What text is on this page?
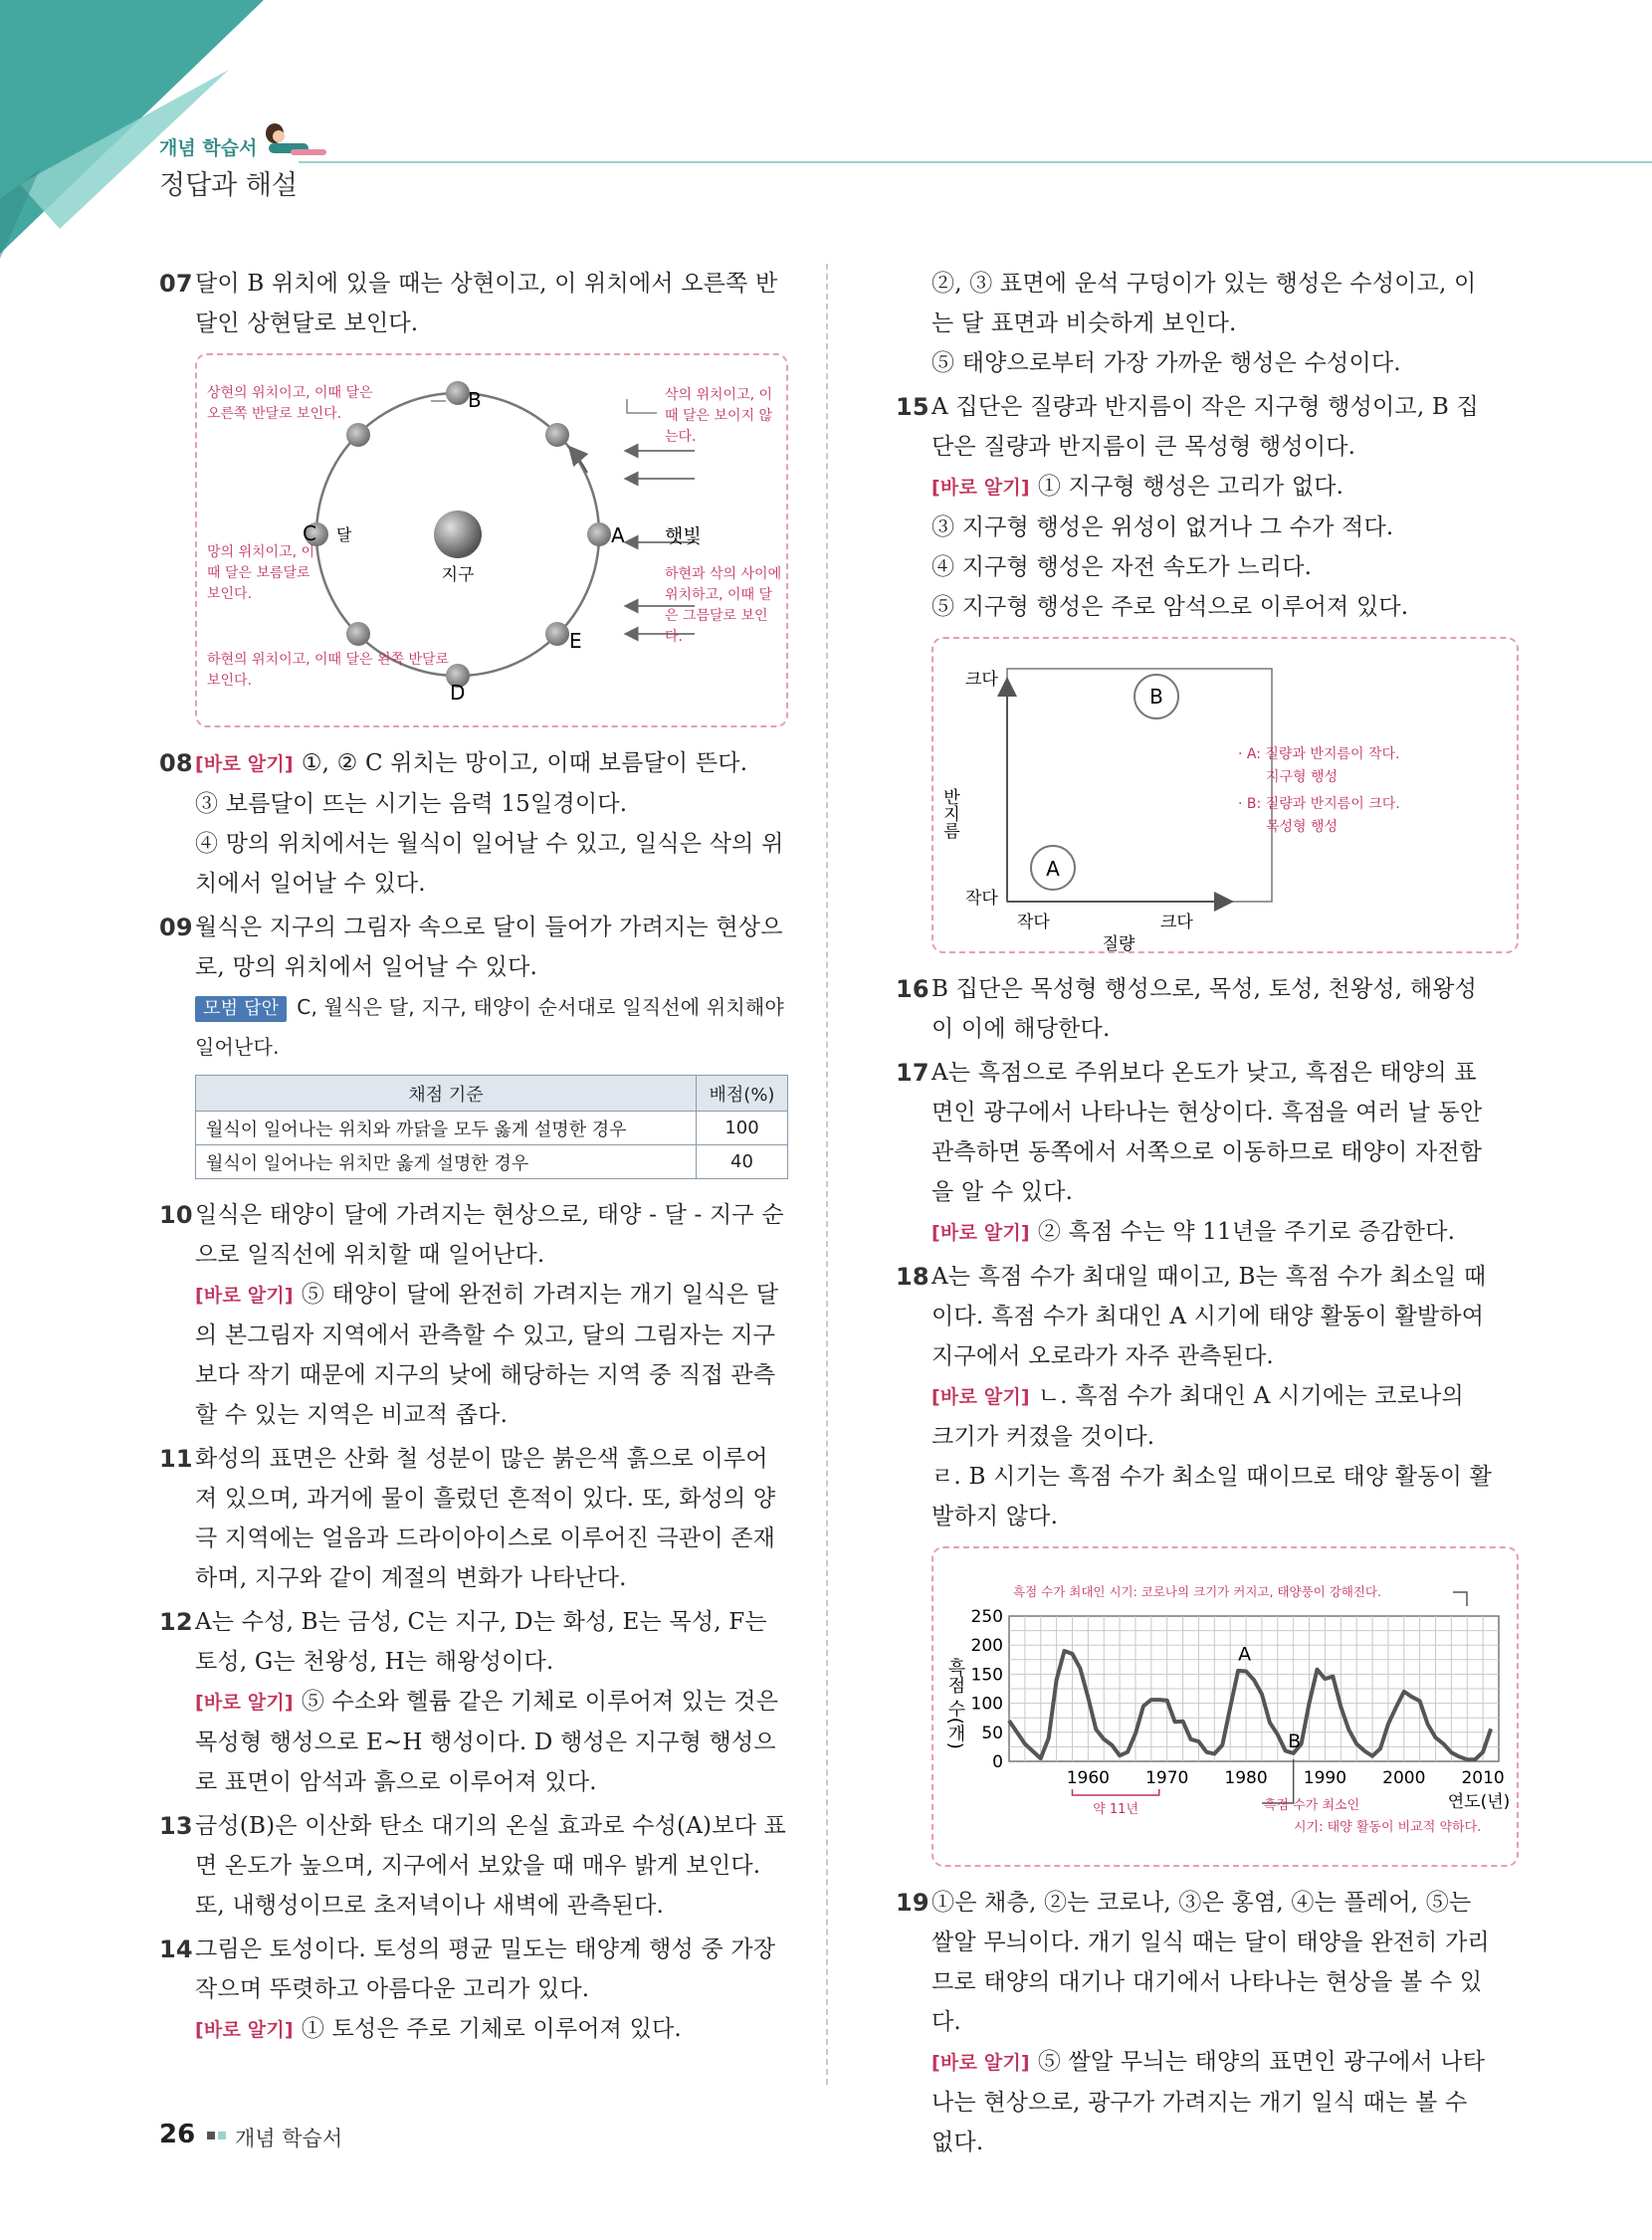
개념 학습서
정답과 해설
07 달이 B 위치에 있을 때는 상현이고, 이 위치에서 오른쪽 반달인 상현달로 보인다.
지구
B
C 달	A
E
D
햇빛
상현의 위치이고, 이때 달은 오른쪽 반달로 보인다.
망의 위치이고, 이때 달은 보름달로 보인다.
하현의 위치이고, 이때 달은 왼쪽 반달로 보인다.
삭의 위치이고, 이때 달은 보이지 않는다.
하현과 삭의 사이에 위치하고, 이때 달은 그믐달로 보인다.
08 [바로 알기] ①, ② C 위치는 망이고, 이때 보름달이 뜬다.
③ 보름달이 뜨는 시기는 음력 15일경이다.
④ 망의 위치에서는 월식이 일어날 수 있고, 일식은 삭의 위치에서 일어날 수 있다.
09 월식은 지구의 그림자 속으로 달이 들어가 가려지는 현상으로, 망의 위치에서 일어날 수 있다.
모범 답안 C, 월식은 달, 지구, 태양이 순서대로 일직선에 위치해야 일어난다.
채점 기준	배점(%)
월식이 일어나는 위치와 까닭을 모두 옳게 설명한 경우	100
월식이 일어나는 위치만 옳게 설명한 경우	40
10 일식은 태양이 달에 가려지는 현상으로, 태양 - 달 - 지구 순으로 일직선에 위치할 때 일어난다.
[바로 알기] ⑤ 태양이 달에 완전히 가려지는 개기 일식은 달의 본그림자 지역에서 관측할 수 있고, 달의 그림자는 지구보다 작기 때문에 지구의 낮에 해당하는 지역 중 직접 관측할 수 있는 지역은 비교적 좁다.
11 화성의 표면은 산화 철 성분이 많은 붉은색 흙으로 이루어져 있으며, 과거에 물이 흘렀던 흔적이 있다. 또, 화성의 양극 지역에는 얼음과 드라이아이스로 이루어진 극관이 존재하며, 지구와 같이 계절의 변화가 나타난다.
12 A는 수성, B는 금성, C는 지구, D는 화성, E는 목성, F는 토성, G는 천왕성, H는 해왕성이다.
[바로 알기] ⑤ 수소와 헬륨 같은 기체로 이루어져 있는 것은 목성형 행성으로 E~H 행성이다. D 행성은 지구형 행성으로 표면이 암석과 흙으로 이루어져 있다.
13 금성(B)은 이산화 탄소 대기의 온실 효과로 수성(A)보다 표면 온도가 높으며, 지구에서 보았을 때 매우 밝게 보인다. 또, 내행성이므로 초저녁이나 새벽에 관측된다.
14 그림은 토성이다. 토성의 평균 밀도는 태양계 행성 중 가장 작으며 뚜렷하고 아름다운 고리가 있다.
[바로 알기] ① 토성은 주로 기체로 이루어져 있다.
②, ③ 표면에 운석 구덩이가 있는 행성은 수성이고, 이는 달 표면과 비슷하게 보인다.
⑤ 태양으로부터 가장 가까운 행성은 수성이다.
15 A 집단은 질량과 반지름이 작은 지구형 행성이고, B 집단은 질량과 반지름이 큰 목성형 행성이다.
[바로 알기] ① 지구형 행성은 고리가 없다.
③ 지구형 행성은 위성이 없거나 그 수가 적다.
④ 지구형 행성은 자전 속도가 느리다.
⑤ 지구형 행성은 주로 암석으로 이루어져 있다.
크다
작다
작다	크다
질량
반지름
A
B
· A: 질량과 반지름이 작다.
지구형 행성
· B: 질량과 반지름이 크다.
목성형 행성
16 B 집단은 목성형 행성으로, 목성, 토성, 천왕성, 해왕성이 이에 해당한다.
17 A는 흑점으로 주위보다 온도가 낮고, 흑점은 태양의 표면인 광구에서 나타나는 현상이다. 흑점을 여러 날 동안 관측하면 동쪽에서 서쪽으로 이동하므로 태양이 자전함을 알 수 있다.
[바로 알기] ② 흑점 수는 약 11년을 주기로 증감한다.
18 A는 흑점 수가 최대일 때이고, B는 흑점 수가 최소일 때이다. 흑점 수가 최대인 A 시기에 태양 활동이 활발하여 지구에서 오로라가 자주 관측된다.
[바로 알기] ㄴ. 흑점 수가 최대인 A 시기에는 코로나의 크기가 커졌을 것이다.
ㄹ. B 시기는 흑점 수가 최소일 때이므로 태양 활동이 활발하지 않다.
0
50
100
150
200
250
1960 1970 1980 1990 2000 2010
흑점 수(개)
연도(년)
흑점 수가 최대인 시기: 코로나의 크기가 커지고, 태양풍이 강해진다.
A
B
약 11년	흑점 수가 최소인
시기: 태양 활동이 비교적 약하다.
19 ①은 채층, ②는 코로나, ③은 홍염, ④는 플레어, ⑤는 쌀알 무늬이다. 개기 일식 때는 달이 태양을 완전히 가리므로 태양의 대기나 대기에서 나타나는 현상을 볼 수 있다.
[바로 알기] ⑤ 쌀알 무늬는 태양의 표면인 광구에서 나타나는 현상으로, 광구가 가려지는 개기 일식 때는 볼 수 없다.
26 개념 학습서
